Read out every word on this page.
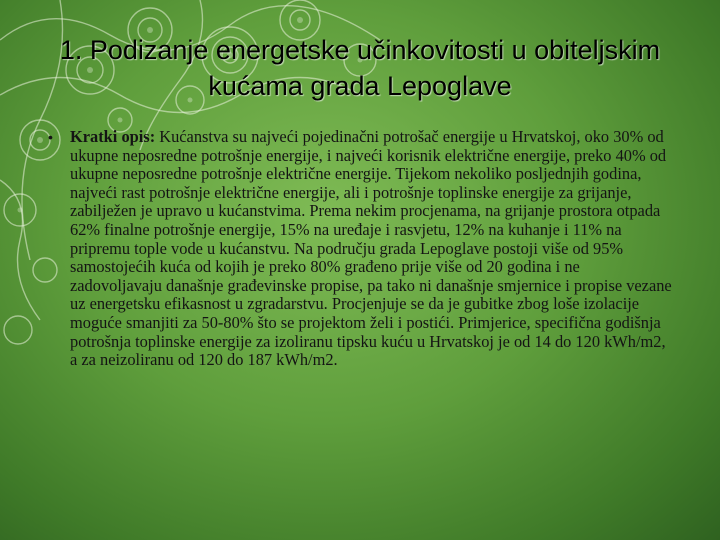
1. Podizanje energetske učinkovitosti u obiteljskim kućama grada Lepoglave
• Kratki opis: Kućanstva su najveći pojedinačni potrošač energije u Hrvatskoj, oko 30% od ukupne neposredne potrošnje energije, i najveći korisnik električne energije, preko 40% od ukupne neposredne potrošnje električne energije. Tijekom nekoliko posljednjih godina, najveći rast potrošnje električne energije, ali i potrošnje toplinske energije za grijanje, zabilježen je upravo u kućanstvima. Prema nekim procjenama, na grijanje prostora otpada 62% finalne potrošnje energije, 15% na uređaje i rasvjetu, 12% na kuhanje i 11% na pripremu tople vode u kućanstvu. Na području grada Lepoglave postoji više od 95% samostojećih kuća od kojih je preko 80% građeno prije više od 20 godina i ne zadovoljavaju današnje građevinske propise, pa tako ni današnje smjernice i propise vezane uz energetsku efikasnost u zgradarstvu. Procjenjuje se da je gubitke zbog loše izolacije moguće smanjiti za 50-80% što se projektom želi i postići. Primjerice, specifična godišnja potrošnja toplinske energije za izoliranu tipsku kuću u Hrvatskoj je od 14 do 120 kWh/m2, a za neizoliranu od 120 do 187 kWh/m2.
